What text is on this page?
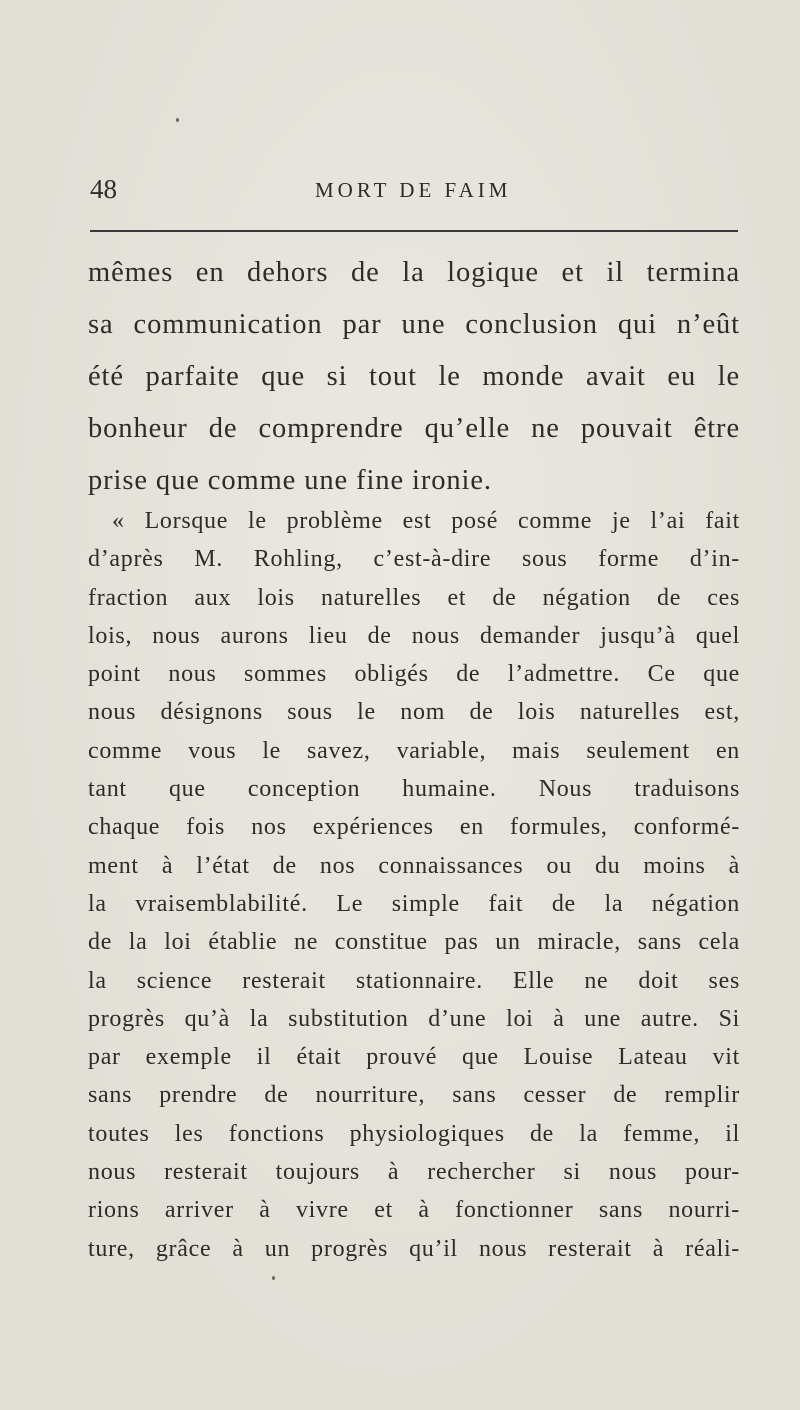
48	MORT DE FAIM
mêmes en dehors de la logique et il termina
sa communication par une conclusion qui n’eût
été parfaite que si tout le monde avait eu le
bonheur de comprendre qu’elle ne pouvait être
prise que comme une fine ironie.
« Lorsque le problème est posé comme je l’ai fait
d’après M. Rohling, c’est-à-dire sous forme d’in-
fraction aux lois naturelles et de négation de ces
lois, nous aurons lieu de nous demander jusqu’à quel
point nous sommes obligés de l’admettre. Ce que
nous désignons sous le nom de lois naturelles est,
comme vous le savez, variable, mais seulement en
tant que conception humaine. Nous traduisons
chaque fois nos expériences en formules, conformé-
ment à l’état de nos connaissances ou du moins à
la vraisemblabilité. Le simple fait de la négation
de la loi établie ne constitue pas un miracle, sans cela
la science resterait stationnaire. Elle ne doit ses
progrès qu’à la substitution d’une loi à une autre. Si
par exemple il était prouvé que Louise Lateau vit
sans prendre de nourriture, sans cesser de remplir
toutes les fonctions physiologiques de la femme, il
nous resterait toujours à rechercher si nous pour-
rions arriver à vivre et à fonctionner sans nourri-
ture, grâce à un progrès qu’il nous resterait à réali-
